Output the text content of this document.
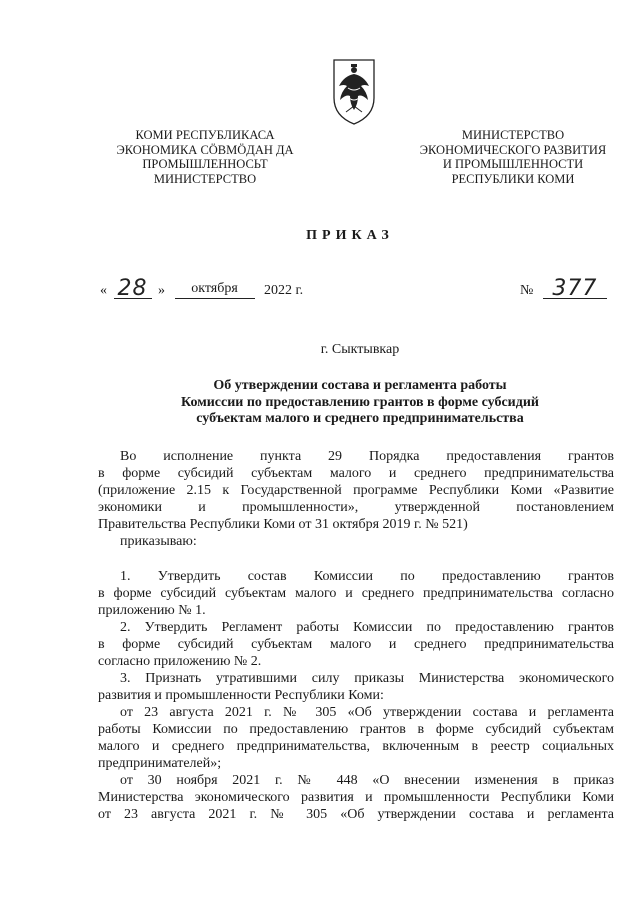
КОМИ РЕСПУБЛИКАСА
ЭКОНОМИКА СӦВМӦДАН ДА
ПРОМЫШЛЕННОСЬТ
МИНИСТЕРСТВО
МИНИСТЕРСТВО
ЭКОНОМИЧЕСКОГО РАЗВИТИЯ
И ПРОМЫШЛЕННОСТИ
РЕСПУБЛИКИ КОМИ
ПРИКАЗ
« 28 » октября 2022 г.	№ 377
г. Сыктывкар
Об утверждении состава и регламента работы
Комиссии по предоставлению грантов в форме субсидий
субъектам малого и среднего предпринимательства
Во исполнение пункта 29 Порядка предоставления грантов
в форме субсидий субъектам малого и среднего предпринимательства
(приложение 2.15 к Государственной программе Республики Коми «Развитие
экономики и промышленности», утвержденной постановлением
Правительства Республики Коми от 31 октября 2019 г. № 521)
приказываю:
1. Утвердить состав Комиссии по предоставлению грантов
в форме субсидий субъектам малого и среднего предпринимательства согласно
приложению № 1.
2. Утвердить Регламент работы Комиссии по предоставлению грантов
в форме субсидий субъектам малого и среднего предпринимательства
согласно приложению № 2.
3. Признать утратившими силу приказы Министерства экономического
развития и промышленности Республики Коми:
от 23 августа 2021 г. № 305 «Об утверждении состава и регламента
работы Комиссии по предоставлению грантов в форме субсидий субъектам
малого и среднего предпринимательства, включенным в реестр социальных
предпринимателей»;
от 30 ноября 2021 г. № 448 «О внесении изменения в приказ
Министерства экономического развития и промышленности Республики Коми
от 23 августа 2021 г. № 305 «Об утверждении состава и регламента
